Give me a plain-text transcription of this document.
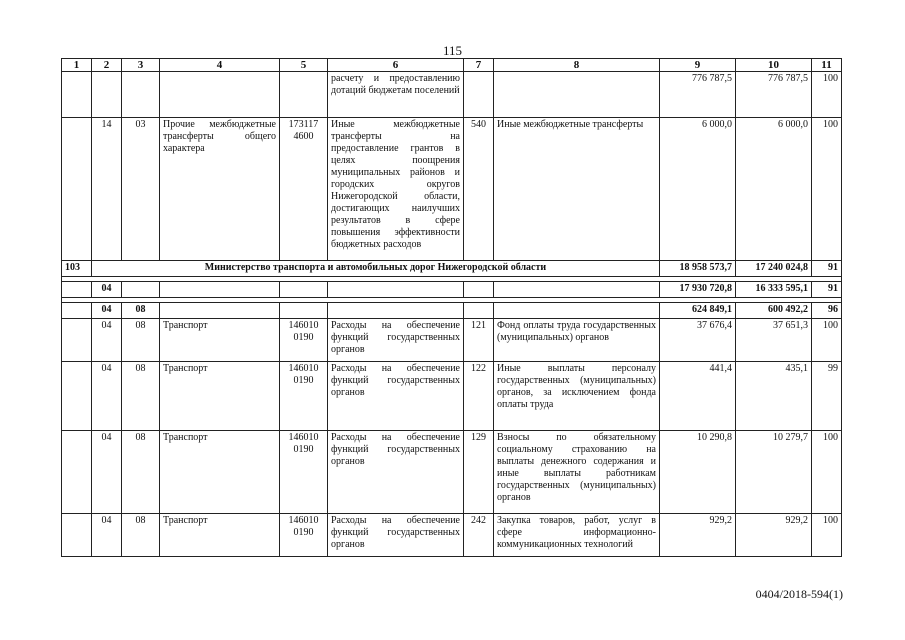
115
1	2	3	4	5	6	7	8	9	10	11
					расчету и предоставлению дотаций бюджетам поселений			776 787,5	776 787,5	100
	14	03	Прочие межбюджетные трансферты общего характера	173117 4600	Иные межбюджетные трансферты на предоставление грантов в целях поощрения муниципальных районов и городских округов Нижегородской области, достигающих наилучших результатов в сфере повышения эффективности бюджетных расходов	540	Иные межбюджетные трансферты	6 000,0	6 000,0	100
103	Министерство транспорта и автомобильных дорог Нижегородской области							18 958 573,7	17 240 024,8	91

	04							17 930 720,8	16 333 595,1	91

	04	08						624 849,1	600 492,2	96
	04	08	Транспорт	146010 0190	Расходы на обеспечение функций государственных органов	121	Фонд оплаты труда государственных (муниципальных) органов	37 676,4	37 651,3	100
	04	08	Транспорт	146010 0190	Расходы на обеспечение функций государственных органов	122	Иные выплаты персоналу государственных (муниципальных) органов, за исключением фонда оплаты труда	441,4	435,1	99
	04	08	Транспорт	146010 0190	Расходы на обеспечение функций государственных органов	129	Взносы по обязательному социальному страхованию на выплаты денежного содержания и иные выплаты работникам государственных (муниципальных) органов	10 290,8	10 279,7	100
	04	08	Транспорт	146010 0190	Расходы на обеспечение функций государственных органов	242	Закупка товаров, работ, услуг в сфере информационно-коммуникационных технологий	929,2	929,2	100
0404/2018-594(1)
